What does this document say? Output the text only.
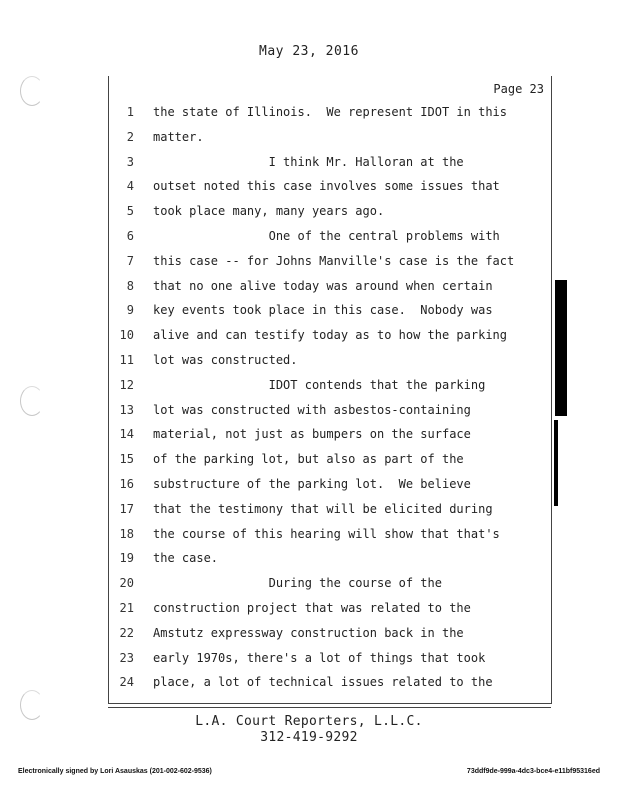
May 23, 2016
Page 23
1 the state of Illinois.  We represent IDOT in this
2 matter.
3 I think Mr. Halloran at the
4 outset noted this case involves some issues that
5 took place many, many years ago.
6 One of the central problems with
7 this case -- for Johns Manville's case is the fact
8 that no one alive today was around when certain
9 key events took place in this case.  Nobody was
10 alive and can testify today as to how the parking
11 lot was constructed.
12 IDOT contends that the parking
13 lot was constructed with asbestos-containing
14 material, not just as bumpers on the surface
15 of the parking lot, but also as part of the
16 substructure of the parking lot.  We believe
17 that the testimony that will be elicited during
18 the course of this hearing will show that that's
19 the case.
20 During the course of the
21 construction project that was related to the
22 Amstutz expressway construction back in the
23 early 1970s, there's a lot of things that took
24 place, a lot of technical issues related to the
L.A. Court Reporters, L.L.C.
312-419-9292
Electronically signed by Lori Asauskas (201-002-602-9536)	73ddf9de-999a-4dc3-bce4-e11bf95316ed
